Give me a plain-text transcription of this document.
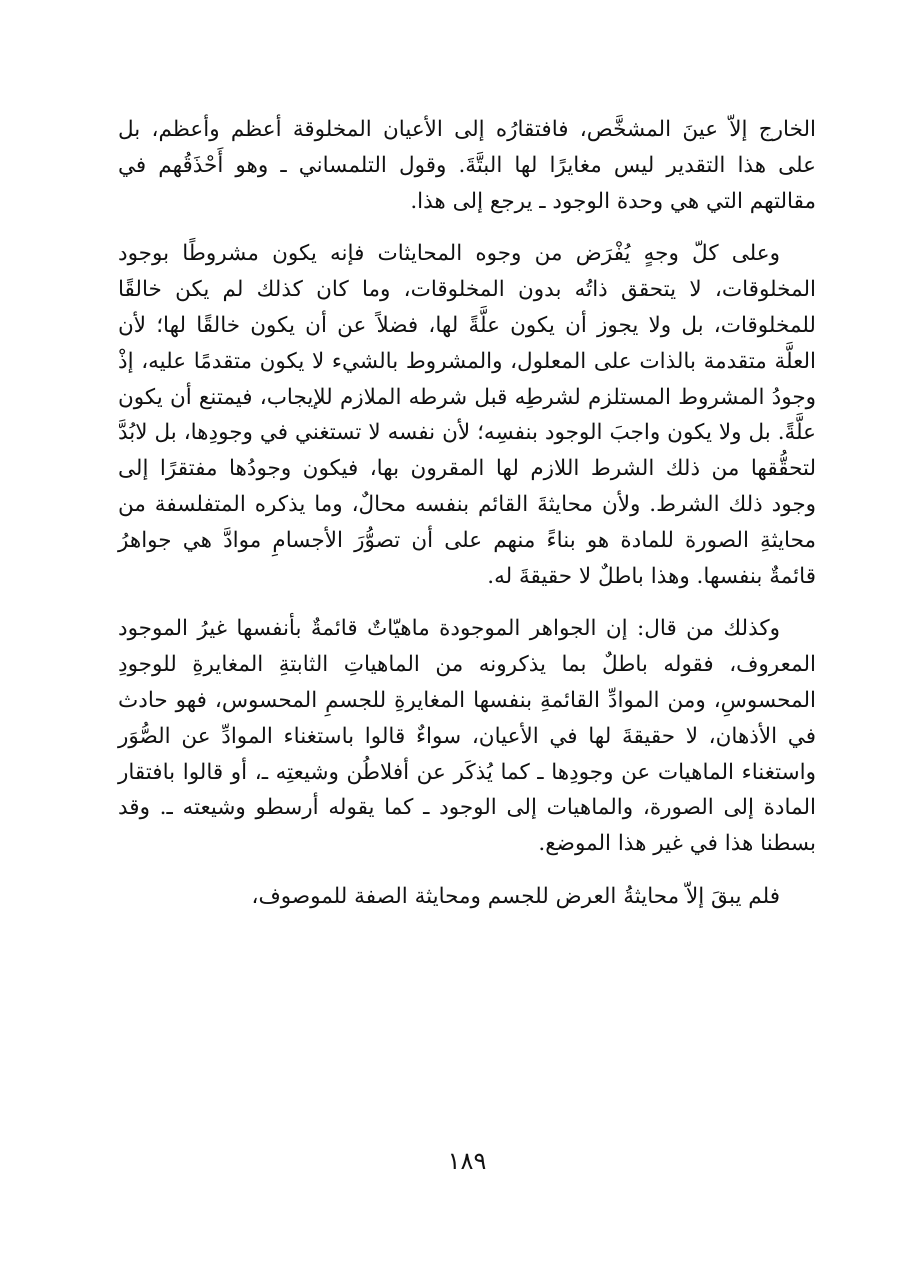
الخارج إلاّ عينَ المشخَّص، فافتقارُه إلى الأعيان المخلوقة أعظم وأعظم، بل على هذا التقدير ليس مغايرًا لها البتَّةَ. وقول التلمساني ـ وهو أَحْذَقُهم في مقالتهم التي هي وحدة الوجود ـ يرجع إلى هذا.

وعلى كلّ وجهٍ يُفْرَض من وجوه المحايثات فإنه يكون مشروطًا بوجود المخلوقات، لا يتحقق ذاتُه بدون المخلوقات، وما كان كذلك لم يكن خالقًا للمخلوقات، بل ولا يجوز أن يكون علَّةً لها، فضلاً عن أن يكون خالقًا لها؛ لأن العلَّة متقدمة بالذات على المعلول، والمشروط بالشيء لا يكون متقدمًا عليه، إذْ وجودُ المشروط المستلزم لشرطِه قبل شرطه الملازم للإيجاب، فيمتنع أن يكون علَّةً. بل ولا يكون واجبَ الوجود بنفسِه؛ لأن نفسه لا تستغني في وجودِها، بل لابُدَّ لتحقُّقها من ذلك الشرط اللازم لها المقرون بها، فيكون وجودُها مفتقرًا إلى وجود ذلك الشرط. ولأن محايثةَ القائم بنفسه محالٌ، وما يذكره المتفلسفة من محايثةِ الصورة للمادة هو بناءً منهم على أن تصوُّرَ الأجسامِ موادَّ هي جواهرُ قائمةٌ بنفسها. وهذا باطلٌ لا حقيقةَ له.

وكذلك من قال: إن الجواهر الموجودة ماهيّاتٌ قائمةٌ بأنفسها غيرُ الموجود المعروف، فقوله باطلٌ بما يذكرونه من الماهياتِ الثابتةِ المغايرةِ للوجودِ المحسوسِ، ومن الموادِّ القائمةِ بنفسها المغايرةِ للجسمِ المحسوس، فهو حادث في الأذهان، لا حقيقةَ لها في الأعيان، سواءٌ قالوا باستغناء الموادِّ عن الصُّوَر واستغناء الماهيات عن وجودِها ـ كما يُذكَر عن أفلاطُن وشيعتِه ـ، أو قالوا بافتقار المادة إلى الصورة، والماهيات إلى الوجود ـ كما يقوله أرسطو وشيعته ـ. وقد بسطنا هذا في غير هذا الموضع.

فلم يبقَ إلاّ محايثةُ العرض للجسم ومحايثة الصفة للموصوف،

١٨٩
